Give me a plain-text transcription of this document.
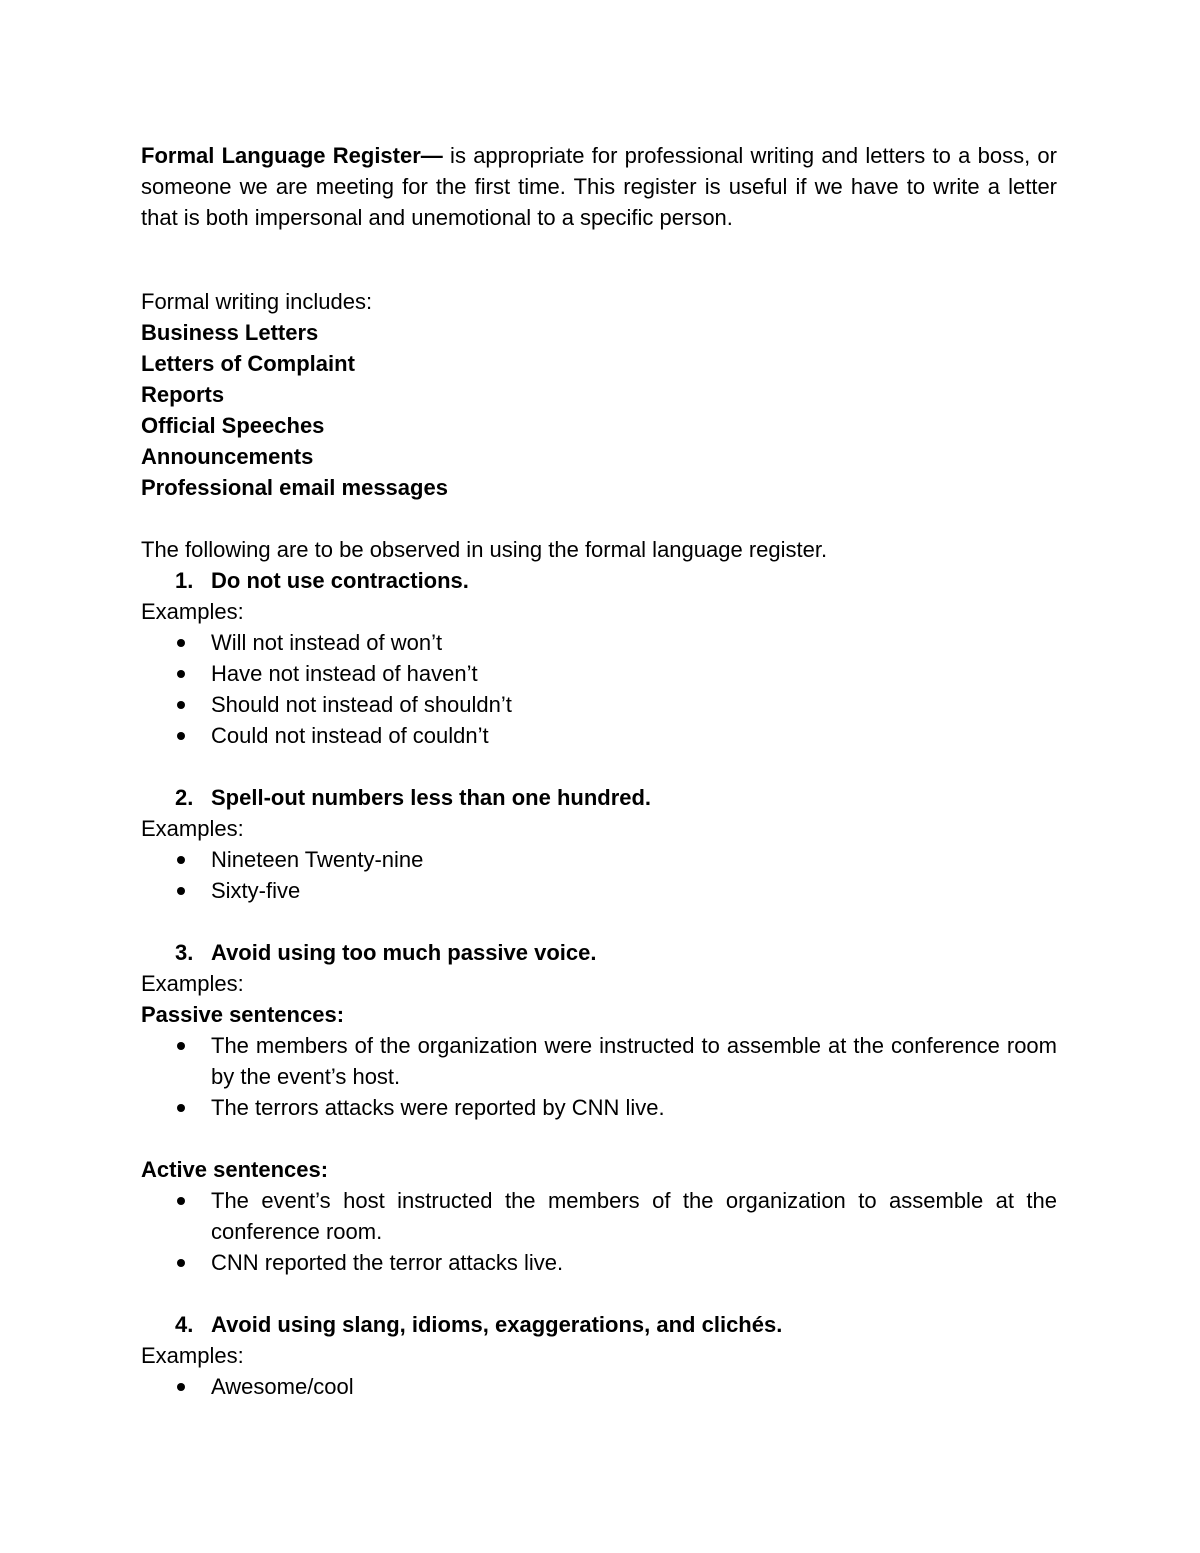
Formal Language Register— is appropriate for professional writing and letters to a boss, or someone we are meeting for the first time. This register is useful if we have to write a letter that is both impersonal and unemotional to a specific person.

Formal writing includes:

Business Letters

Letters of Complaint

Reports

Official Speeches

Announcements

Professional email messages

The following are to be observed in using the formal language register.

1. Do not use contractions.

Examples:

Will not instead of won’t
Have not instead of haven’t
Should not instead of shouldn’t
Could not instead of couldn’t
2. Spell-out numbers less than one hundred.

Examples:

Nineteen Twenty-nine
Sixty-five
3. Avoid using too much passive voice.

Examples:

Passive sentences:

The members of the organization were instructed to assemble at the conference room by the event’s host.
The terrors attacks were reported by CNN live.

Active sentences:

The event’s host instructed the members of the organization to assemble at the conference room.
CNN reported the terror attacks live.
4. Avoid using slang, idioms, exaggerations, and clichés.

Examples:

Awesome/cool
